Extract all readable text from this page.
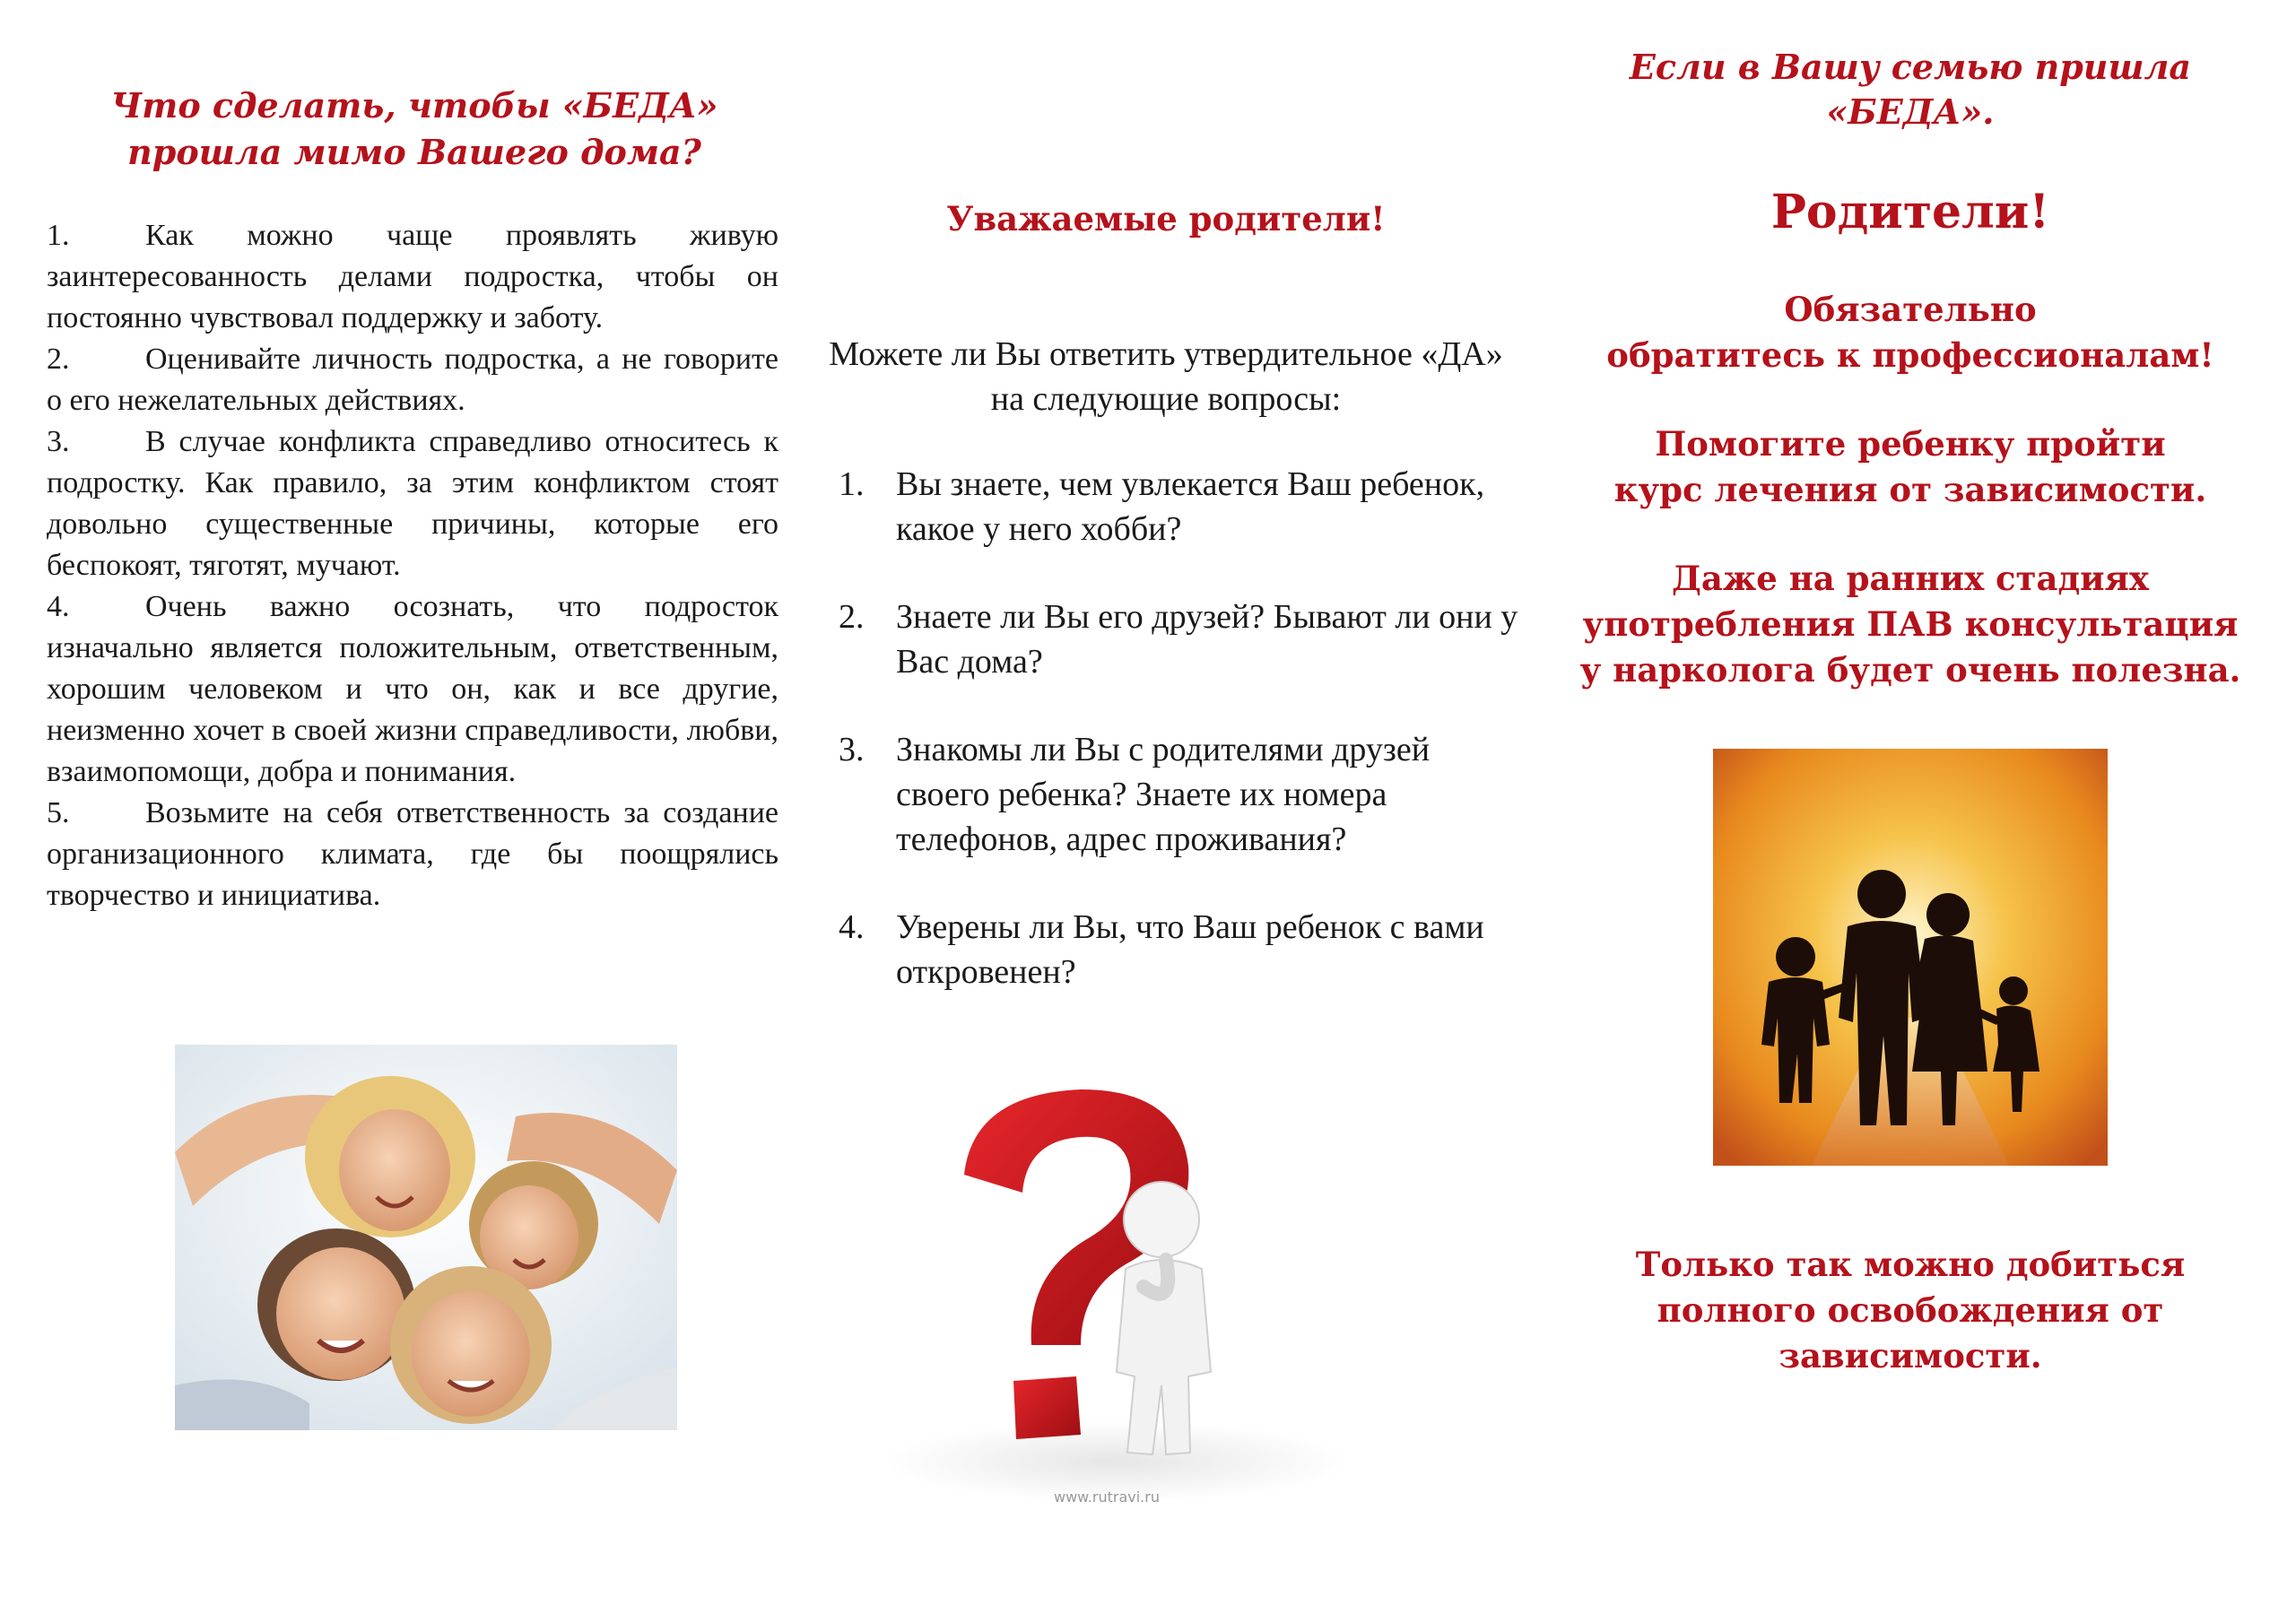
Что сделать, чтобы «БЕДА»
прошла мимо Вашего дома?
1. Как можно чаще проявлять живую заинтересованность делами подростка, чтобы он постоянно чувствовал поддержку и заботу.
2. Оценивайте личность подростка, а не говорите о его нежелательных действиях.
3. В случае конфликта справедливо относитесь к подростку. Как правило, за этим конфликтом стоят довольно существенные причины, которые его беспокоят, тяготят, мучают.
4. Очень важно осознать, что подросток изначально является положительным, ответственным, хорошим человеком и что он, как и все другие, неизменно хочет в своей жизни справедливости, любви, взаимопомощи, добра и понимания.
5. Возьмите на себя ответственность за создание организационного климата, где бы поощрялись творчество и инициатива.
Уважаемые родители!
Можете ли Вы ответить утвердительное «ДА» на следующие вопросы:
1. Вы знаете, чем увлекается Ваш ребенок, какое у него хобби?
2. Знаете ли Вы его друзей? Бывают ли они у Вас дома?
3. Знакомы ли Вы с родителями друзей своего ребенка? Знаете их номера телефонов, адрес проживания?
4. Уверены ли Вы, что Ваш ребенок с вами откровенен?
www.rutravi.ru
Если в Вашу семью пришла
«БЕДА».
Родители!
Обязательно
обратитесь к профессионалам!
Помогите ребенку пройти
курс лечения от зависимости.
Даже на ранних стадиях
употребления ПАВ консультация
у нарколога будет очень полезна.
Только так можно добиться
полного освобождения от
зависимости.
